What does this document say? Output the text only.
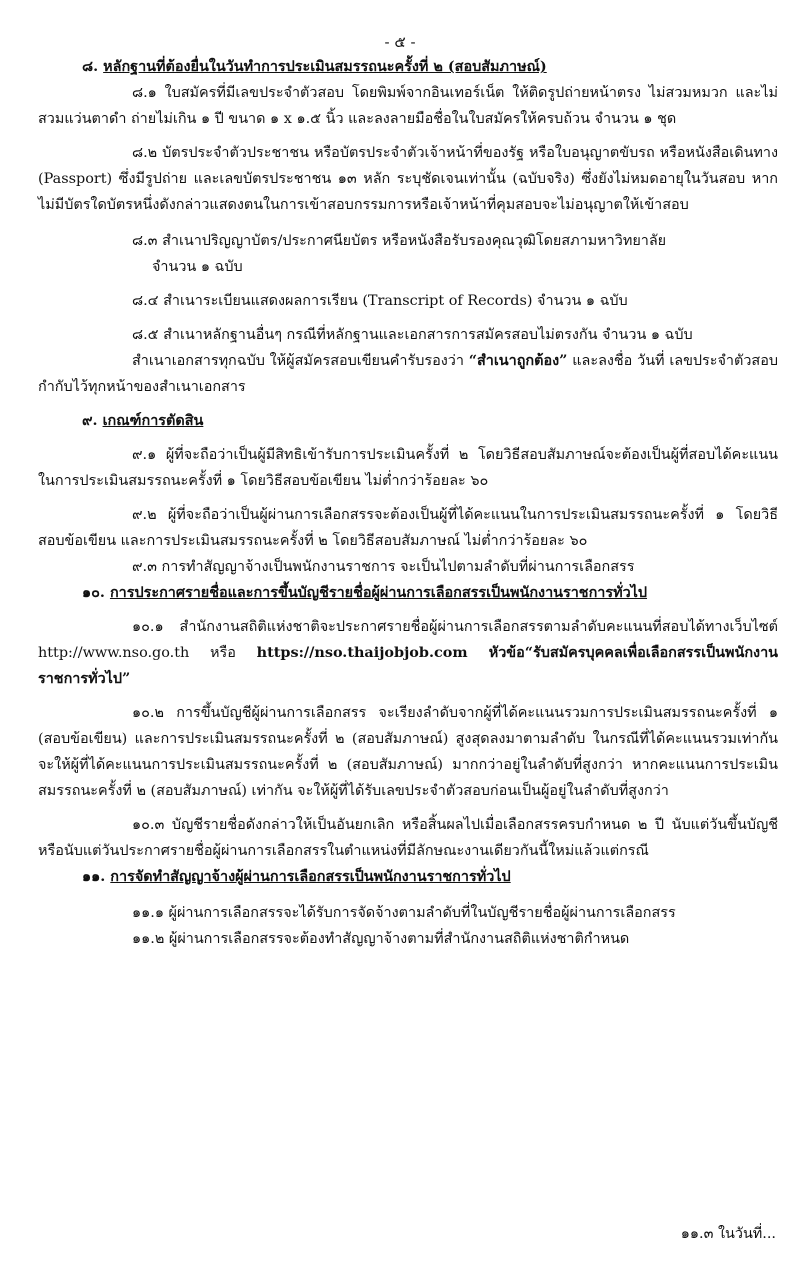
- ๕ -

๘. หลักฐานที่ต้องยื่นในวันทำการประเมินสมรรถนะครั้งที่ ๒ (สอบสัมภาษณ์)

๘.๑ ใบสมัครที่มีเลขประจำตัวสอบ โดยพิมพ์จากอินเทอร์เน็ต ให้ติดรูปถ่ายหน้าตรง ไม่สวมหมวก และไม่สวมแว่นตาดำ ถ่ายไม่เกิน ๑ ปี ขนาด ๑ x ๑.๕ นิ้ว และลงลายมือชื่อในใบสมัครให้ครบถ้วน จำนวน ๑ ชุด

๘.๒ บัตรประจำตัวประชาชน หรือบัตรประจำตัวเจ้าหน้าที่ของรัฐ หรือใบอนุญาตขับรถ หรือหนังสือเดินทาง (Passport) ซึ่งมีรูปถ่าย และเลขบัตรประชาชน ๑๓ หลัก ระบุชัดเจนเท่านั้น (ฉบับจริง) ซึ่งยังไม่หมดอายุในวันสอบ หากไม่มีบัตรใดบัตรหนึ่งดังกล่าวแสดงตนในการเข้าสอบกรรมการหรือเจ้าหน้าที่คุมสอบจะไม่อนุญาตให้เข้าสอบ

๘.๓ สำเนาปริญญาบัตร/ประกาศนียบัตร หรือหนังสือรับรองคุณวุฒิโดยสภามหาวิทยาลัย
จำนวน ๑ ฉบับ

๘.๔ สำเนาระเบียนแสดงผลการเรียน (Transcript of Records) จำนวน ๑ ฉบับ

๘.๕ สำเนาหลักฐานอื่นๆ กรณีที่หลักฐานและเอกสารการสมัครสอบไม่ตรงกัน จำนวน ๑ ฉบับ

สำเนาเอกสารทุกฉบับ ให้ผู้สมัครสอบเขียนคำรับรองว่า “สำเนาถูกต้อง” และลงชื่อ วันที่ เลขประจำตัวสอบกำกับไว้ทุกหน้าของสำเนาเอกสาร

๙. เกณฑ์การตัดสิน

๙.๑ ผู้ที่จะถือว่าเป็นผู้มีสิทธิเข้ารับการประเมินครั้งที่ ๒ โดยวิธีสอบสัมภาษณ์จะต้องเป็นผู้ที่สอบได้คะแนนในการประเมินสมรรถนะครั้งที่ ๑ โดยวิธีสอบข้อเขียน ไม่ต่ำกว่าร้อยละ ๖๐

๙.๒ ผู้ที่จะถือว่าเป็นผู้ผ่านการเลือกสรรจะต้องเป็นผู้ที่ได้คะแนนในการประเมินสมรรถนะครั้งที่ ๑ โดยวิธีสอบข้อเขียน และการประเมินสมรรถนะครั้งที่ ๒ โดยวิธีสอบสัมภาษณ์ ไม่ต่ำกว่าร้อยละ ๖๐

๙.๓ การทำสัญญาจ้างเป็นพนักงานราชการ จะเป็นไปตามลำดับที่ผ่านการเลือกสรร

๑๐. การประกาศรายชื่อและการขึ้นบัญชีรายชื่อผู้ผ่านการเลือกสรรเป็นพนักงานราชการทั่วไป

๑๐.๑ สำนักงานสถิติแห่งชาติจะประกาศรายชื่อผู้ผ่านการเลือกสรรตามลำดับคะแนนที่สอบได้ทางเว็บไซต์ http://www.nso.go.th หรือ https://nso.thaijobjob.com หัวข้อ“รับสมัครบุคคลเพื่อเลือกสรรเป็นพนักงานราชการทั่วไป”

๑๐.๒ การขึ้นบัญชีผู้ผ่านการเลือกสรร จะเรียงลำดับจากผู้ที่ได้คะแนนรวมการประเมินสมรรถนะครั้งที่ ๑ (สอบข้อเขียน) และการประเมินสมรรถนะครั้งที่ ๒ (สอบสัมภาษณ์) สูงสุดลงมาตามลำดับ ในกรณีที่ได้คะแนนรวมเท่ากัน จะให้ผู้ที่ได้คะแนนการประเมินสมรรถนะครั้งที่ ๒ (สอบสัมภาษณ์) มากกว่าอยู่ในลำดับที่สูงกว่า หากคะแนนการประเมินสมรรถนะครั้งที่ ๒ (สอบสัมภาษณ์) เท่ากัน จะให้ผู้ที่ได้รับเลขประจำตัวสอบก่อนเป็นผู้อยู่ในลำดับที่สูงกว่า

๑๐.๓ บัญชีรายชื่อดังกล่าวให้เป็นอันยกเลิก หรือสิ้นผลไปเมื่อเลือกสรรครบกำหนด ๒ ปี นับแต่วันขึ้นบัญชีหรือนับแต่วันประกาศรายชื่อผู้ผ่านการเลือกสรรในตำแหน่งที่มีลักษณะงานเดียวกันนี้ใหม่แล้วแต่กรณี

๑๑. การจัดทำสัญญาจ้างผู้ผ่านการเลือกสรรเป็นพนักงานราชการทั่วไป

๑๑.๑ ผู้ผ่านการเลือกสรรจะได้รับการจัดจ้างตามลำดับที่ในบัญชีรายชื่อผู้ผ่านการเลือกสรร

๑๑.๒ ผู้ผ่านการเลือกสรรจะต้องทำสัญญาจ้างตามที่สำนักงานสถิติแห่งชาติกำหนด

๑๑.๓ ในวันที่...
